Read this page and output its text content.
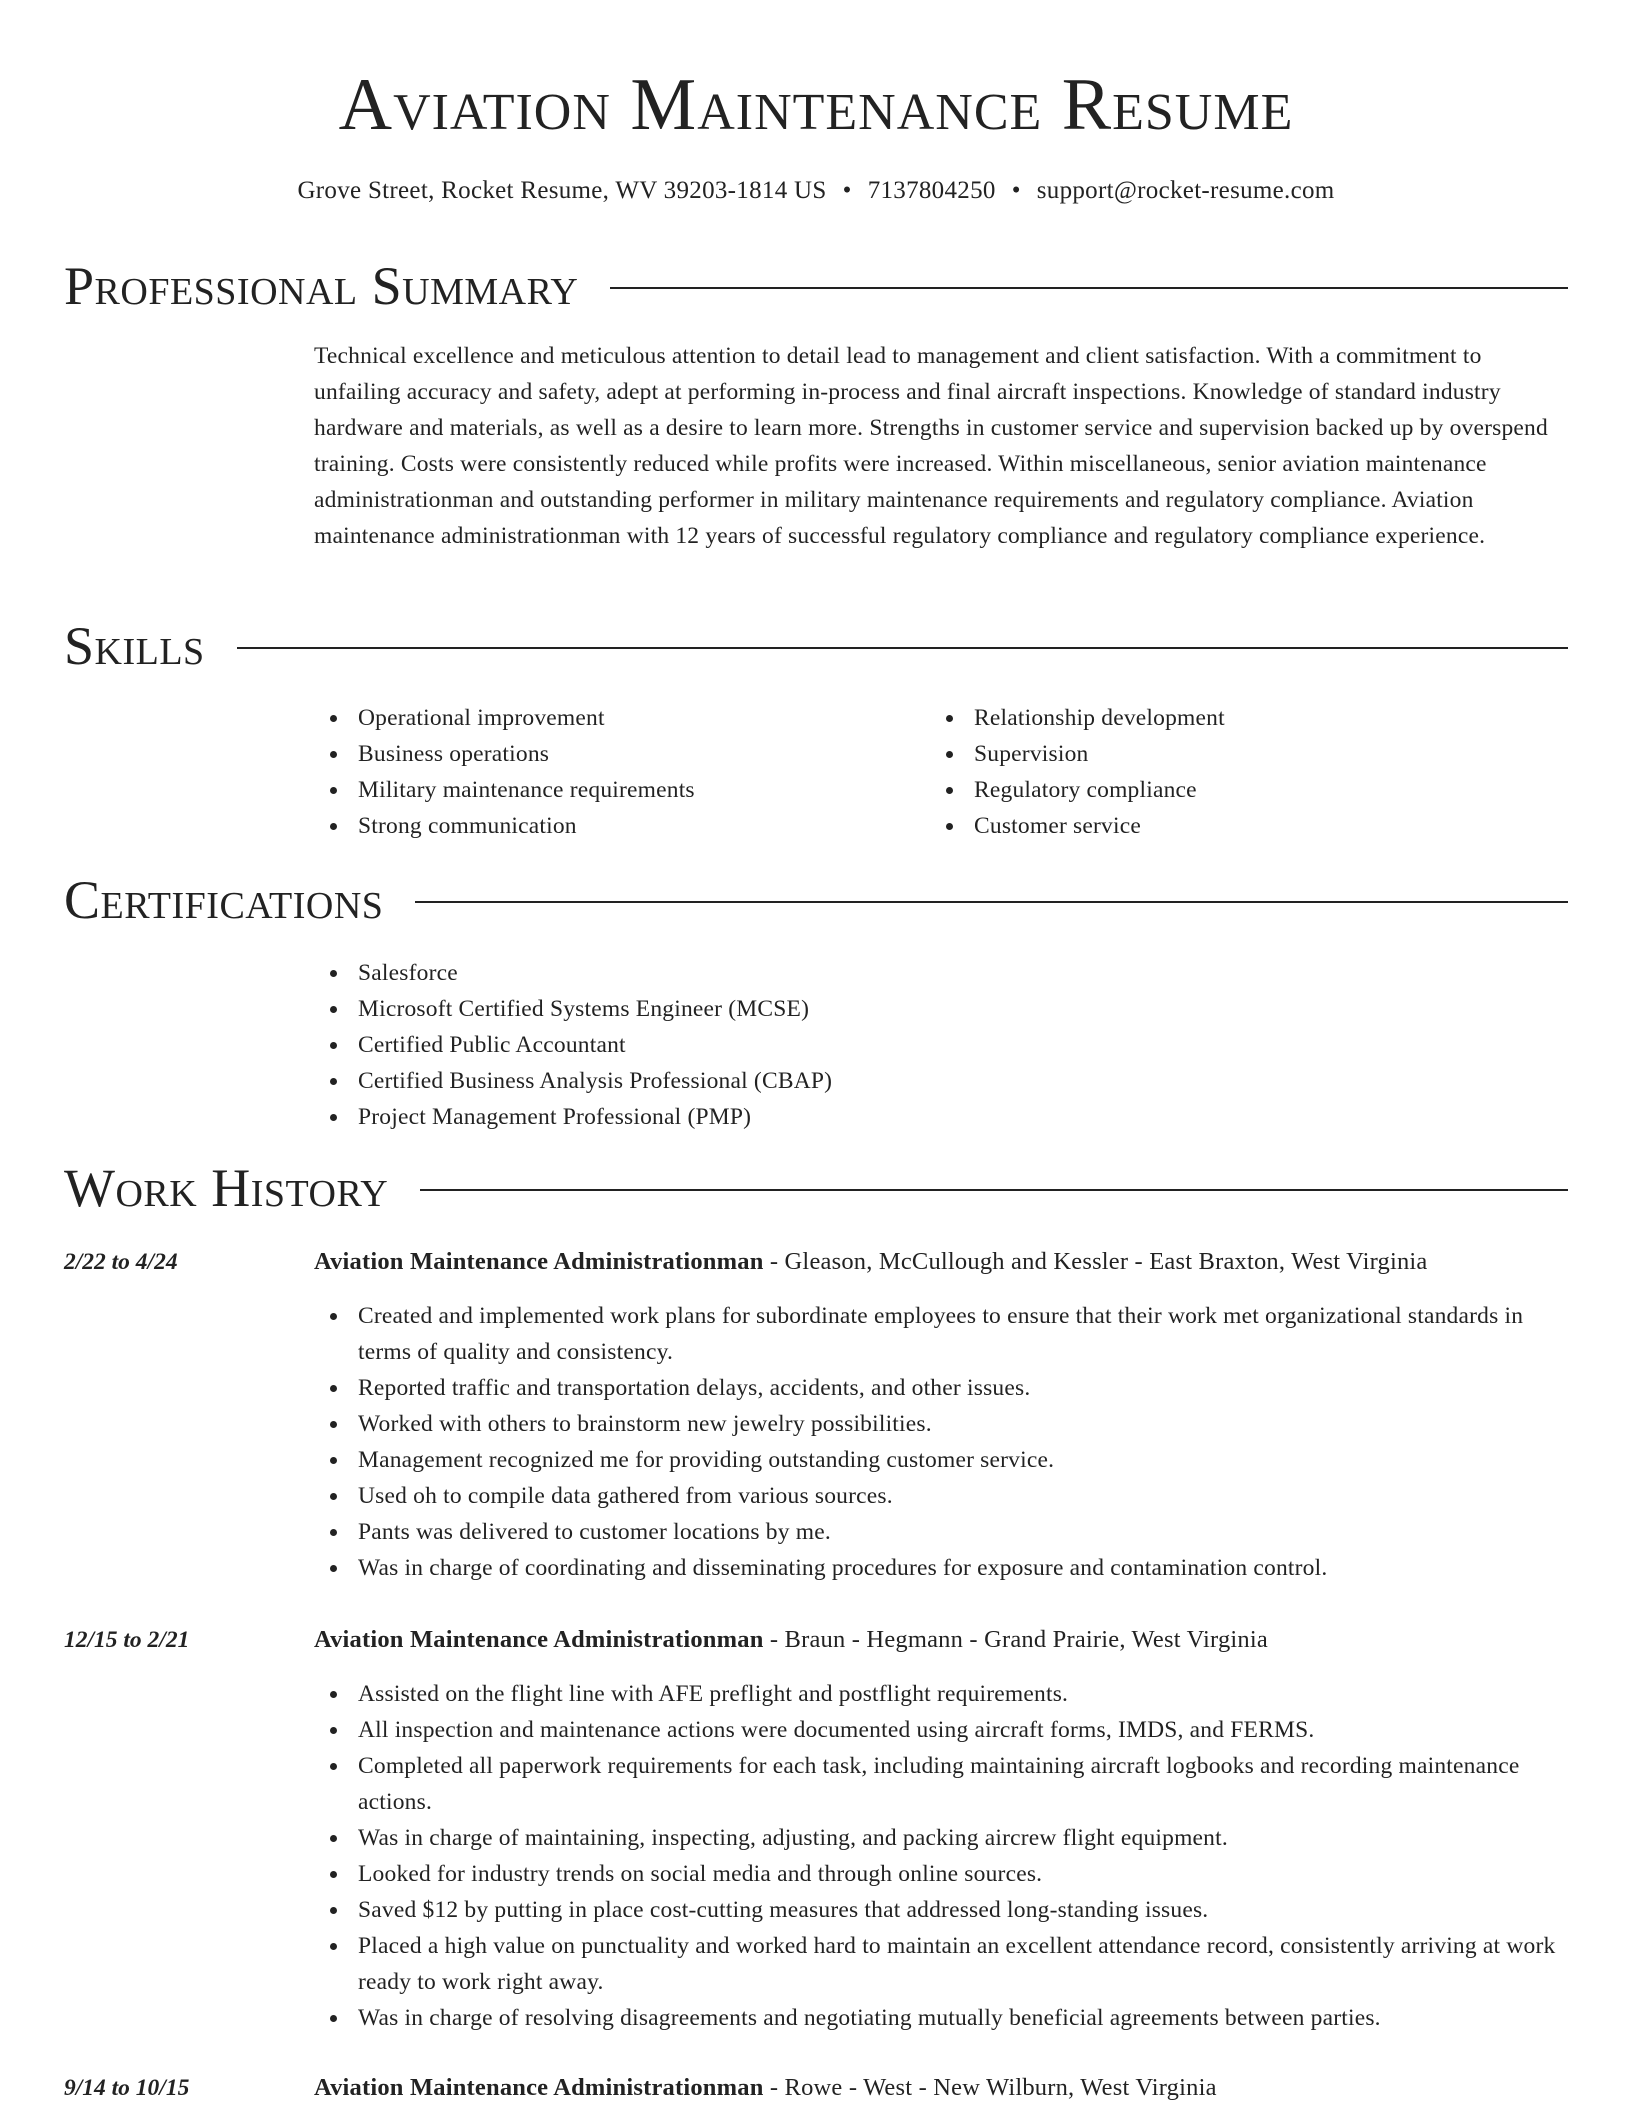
Aviation Maintenance Resume
Grove Street, Rocket Resume, WV 39203-1814 US • 7137804250 • support@rocket-resume.com
Professional Summary
Technical excellence and meticulous attention to detail lead to management and client satisfaction. With a commitment to unfailing accuracy and safety, adept at performing in-process and final aircraft inspections. Knowledge of standard industry hardware and materials, as well as a desire to learn more. Strengths in customer service and supervision backed up by overspend training. Costs were consistently reduced while profits were increased. Within miscellaneous, senior aviation maintenance administrationman and outstanding performer in military maintenance requirements and regulatory compliance. Aviation maintenance administrationman with 12 years of successful regulatory compliance and regulatory compliance experience.
Skills
Operational improvement
Business operations
Military maintenance requirements
Strong communication
Relationship development
Supervision
Regulatory compliance
Customer service
Certifications
Salesforce
Microsoft Certified Systems Engineer (MCSE)
Certified Public Accountant
Certified Business Analysis Professional (CBAP)
Project Management Professional (PMP)
Work History
2/22 to 4/24	Aviation Maintenance Administrationman - Gleason, McCullough and Kessler - East Braxton, West Virginia
Created and implemented work plans for subordinate employees to ensure that their work met organizational standards in terms of quality and consistency.
Reported traffic and transportation delays, accidents, and other issues.
Worked with others to brainstorm new jewelry possibilities.
Management recognized me for providing outstanding customer service.
Used oh to compile data gathered from various sources.
Pants was delivered to customer locations by me.
Was in charge of coordinating and disseminating procedures for exposure and contamination control.
12/15 to 2/21	Aviation Maintenance Administrationman - Braun - Hegmann - Grand Prairie, West Virginia
Assisted on the flight line with AFE preflight and postflight requirements.
All inspection and maintenance actions were documented using aircraft forms, IMDS, and FERMS.
Completed all paperwork requirements for each task, including maintaining aircraft logbooks and recording maintenance actions.
Was in charge of maintaining, inspecting, adjusting, and packing aircrew flight equipment.
Looked for industry trends on social media and through online sources.
Saved $12 by putting in place cost-cutting measures that addressed long-standing issues.
Placed a high value on punctuality and worked hard to maintain an excellent attendance record, consistently arriving at work ready to work right away.
Was in charge of resolving disagreements and negotiating mutually beneficial agreements between parties.
9/14 to 10/15	Aviation Maintenance Administrationman - Rowe - West - New Wilburn, West Virginia
